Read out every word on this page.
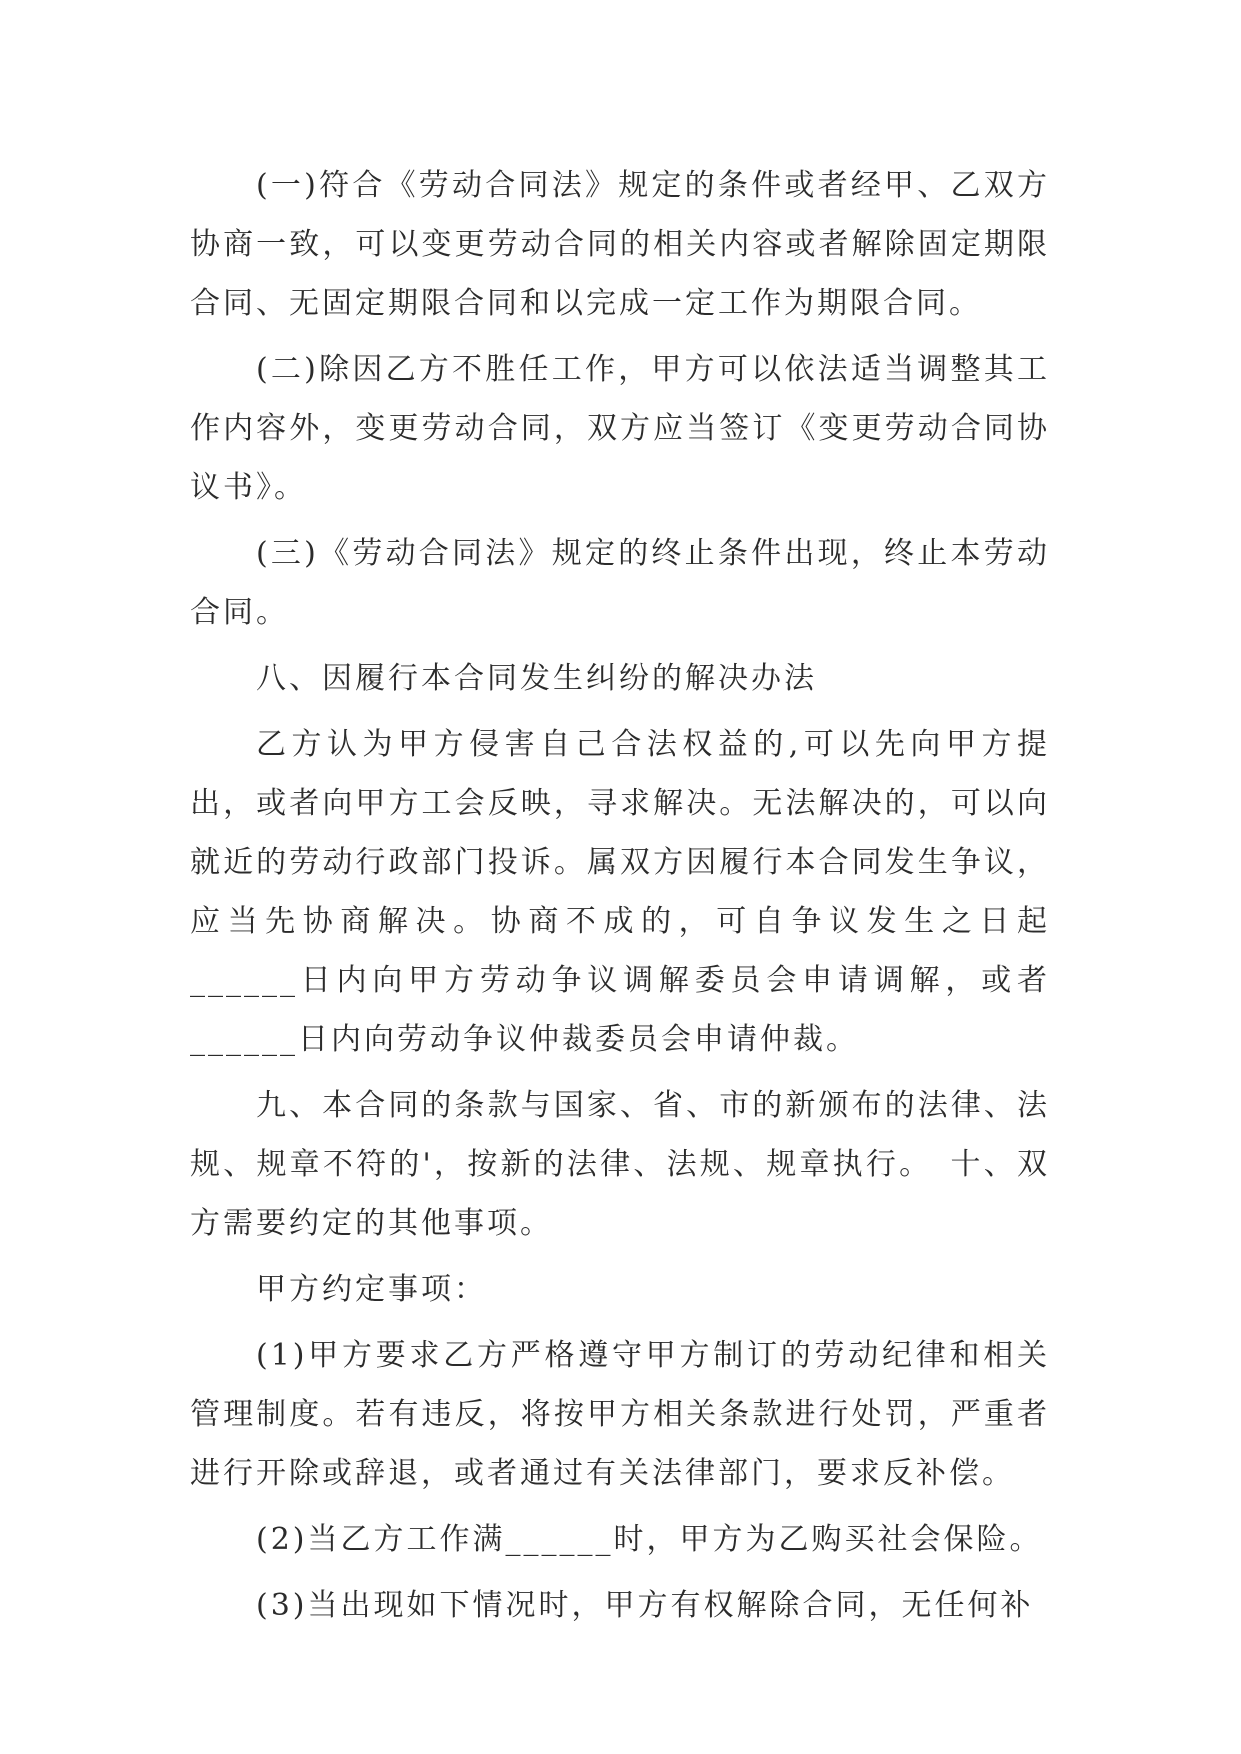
(一)符合《劳动合同法》规定的条件或者经甲、乙双方协商一致，可以变更劳动合同的相关内容或者解除固定期限合同、无固定期限合同和以完成一定工作为期限合同。

(二)除因乙方不胜任工作，甲方可以依法适当调整其工作内容外，变更劳动合同，双方应当签订《变更劳动合同协议书》。

(三)《劳动合同法》规定的终止条件出现，终止本劳动合同。

八、因履行本合同发生纠纷的解决办法

乙方认为甲方侵害自己合法权益的,可以先向甲方提出，或者向甲方工会反映，寻求解决。无法解决的，可以向就近的劳动行政部门投诉。属双方因履行本合同发生争议，应当先协商解决。协商不成的，可自争议发生之日起______日内向甲方劳动争议调解委员会申请调解，或者______日内向劳动争议仲裁委员会申请仲裁。

九、本合同的条款与国家、省、市的新颁布的法律、法规、规章不符的'，按新的法律、法规、规章执行。　十、双方需要约定的其他事项。

甲方约定事项：

(1)甲方要求乙方严格遵守甲方制订的劳动纪律和相关管理制度。若有违反，将按甲方相关条款进行处罚，严重者进行开除或辞退，或者通过有关法律部门，要求反补偿。

(2)当乙方工作满______时，甲方为乙购买社会保险。

(3)当出现如下情况时，甲方有权解除合同，无任何补
